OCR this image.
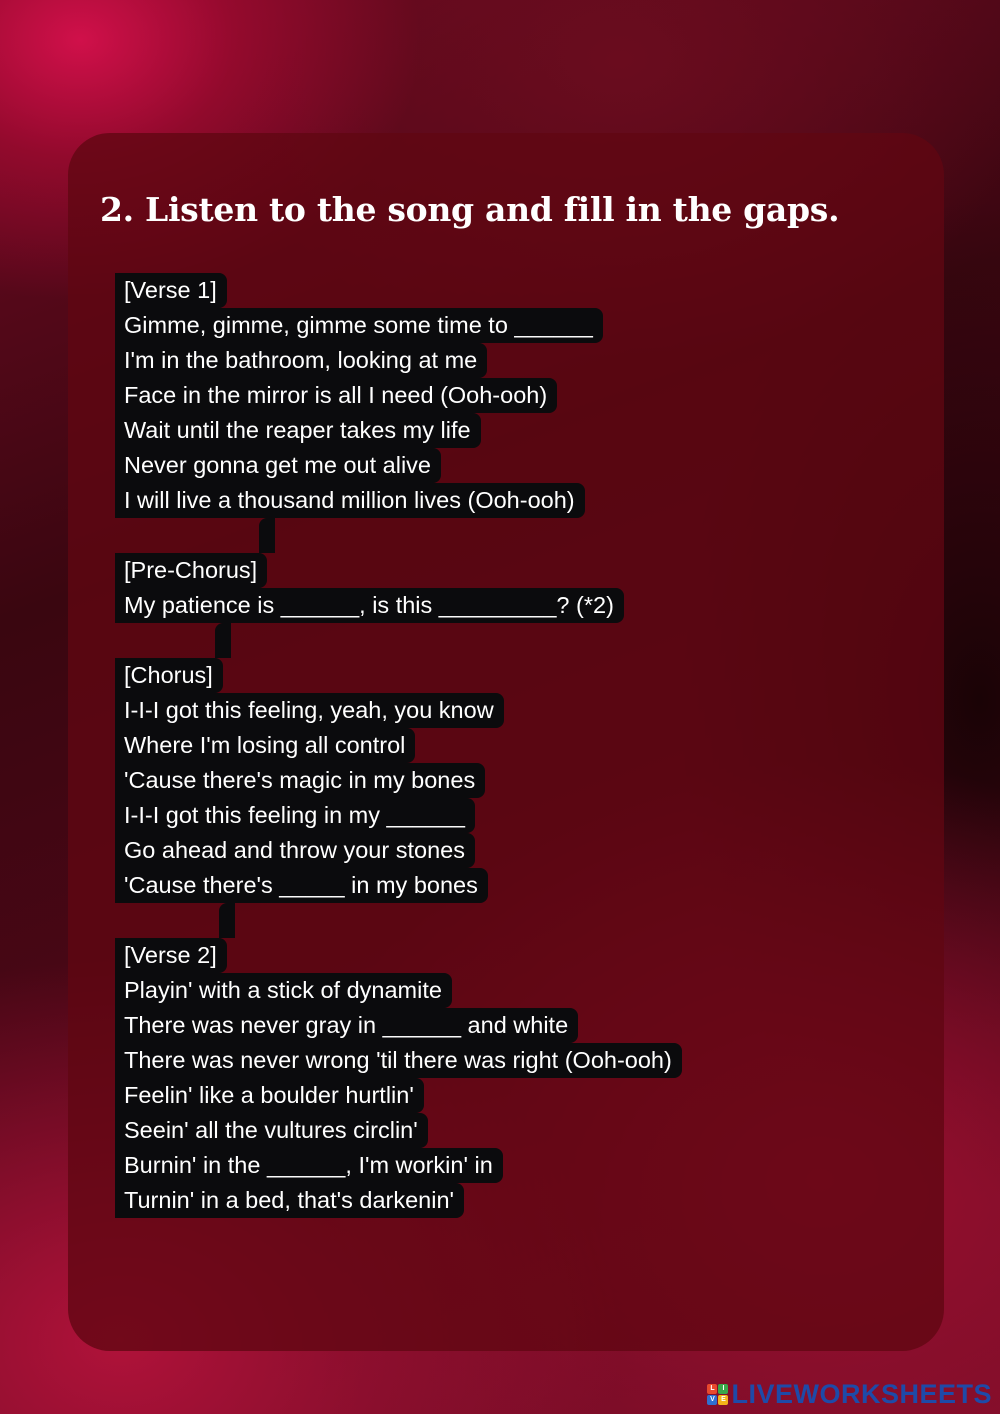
2. Listen to the song and fill in the gaps.
[Verse 1]
Gimme, gimme, gimme some time to ______
I'm in the bathroom, looking at me
Face in the mirror is all I need (Ooh-ooh)
Wait until the reaper takes my life
Never gonna get me out alive
I will live a thousand million lives (Ooh-ooh)
[Pre-Chorus]
My patience is ______, is this _________? (*2)
[Chorus]
I-I-I got this feeling, yeah, you know
Where I'm losing all control
'Cause there's magic in my bones
I-I-I got this feeling in my ______
Go ahead and throw your stones
'Cause there's _____ in my bones
[Verse 2]
Playin' with a stick of dynamite
There was never gray in ______ and white
There was never wrong 'til there was right (Ooh-ooh)
Feelin' like a boulder hurtlin'
Seein' all the vultures circlin'
Burnin' in the ______, I'm workin' in
Turnin' in a bed, that's darkenin'
L	I
V E LIVEWORKSHEETS
